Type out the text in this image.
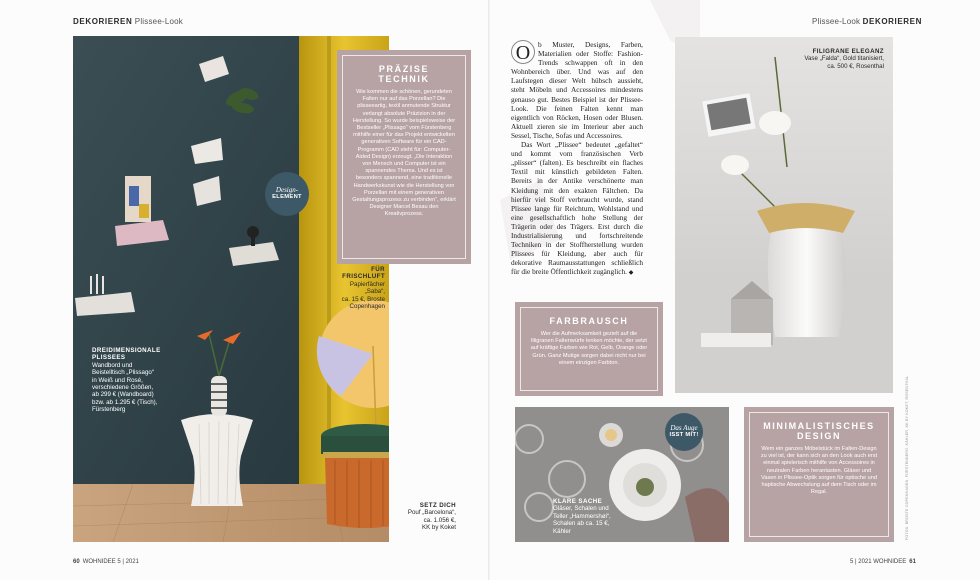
DEKORIEREN Plissee-Look
PRÄZISE TECHNIK

Wie kommen die schönen, gerundeten Falten nur auf das Porzellan? Die plisseeartig, textil anmutende Struktur verlangt absolute Präzision in der Herstellung. So wurde beispielsweise der Bestseller „Plissago“ vom Fürstenberg mithilfe einer für das Projekt entwickelten generativen Software für ein CAD-Programm (CAD steht für: Computer-Aided Design) erzeugt. „Die Interaktion von Mensch und Computer ist ein spannendes Thema. Und es ist besonders spannend, eine traditionelle Handwerkskunst wie die Herstellung von Porzellan mit einem generativen Gestaltungsprozess zu verbinden“, erklärt Designer Marcel Besau den Kreativprozess.

Design-
ELEMENT
FÜR
FRISCHLUFT
Papierfächer „Saba“,
ca. 15 €, Broste
Copenhagen
DREIDIMENSIONALE
PLISSEES
Wandbord und
Beistelltisch „Plissago“
in Weiß und Rosé,
verschiedene Größen,
ab 299 € (Wandboard)
bzw. ab 1.295 € (Tisch),
Fürstenberg
SETZ DICH
Pouf „Barcelona“,
ca. 1.056 €,
KK by Koket
60 WOHNIDEE 5 | 2021
Plissee-Look DEKORIEREN

O	b Muster, Designs, Farben, Materialien oder Stoffe: Fashion-Trends schwappen oft in den Wohnbereich über. Und was auf den Laufstegen dieser Welt hübsch aussieht, steht Möbeln und Accessoires mindestens genauso gut. Bestes Beispiel ist der Plissee-Look. Die feinen Falten kennt man eigentlich von Röcken, Hosen oder Blusen. Aktuell zieren sie im Interieur aber auch Sessel, Tische, Sofas und Accessoires.

Das Wort „Plissee“ bedeutet „gefaltet“ und kommt vom französischen Verb „plisser“ (falten). Es beschreibt ein flaches Textil mit künstlich gebildeten Falten. Bereits in der Antike verschönerte man Kleidung mit den exakten Fältchen. Da hierfür viel Stoff verbraucht wurde, stand Plissee lange für Reichtum, Wohlstand und eine gesellschaftlich hohe Stellung der Trägerin oder des Trägers. Erst durch die Industrialisierung und fortschreitende Techniken in der Stoffherstellung wurden Plissees für Kleidung, aber auch für dekorative Raumausstattungen schließlich für die breite Öffentlichkeit zugänglich. ◆

FILIGRANE ELEGANZ
Vase „Falda“, Gold titanisiert,
ca. 500 €, Rosenthal
FARBRAUSCH

Wer die Aufmerksamkeit gezielt auf die filigranen Faltenwürfe lenken möchte, der setzt auf kräftige Farben wie Rot, Gelb, Orange oder Grün. Ganz Mutige sorgen dabei nicht nur bei einem einzigen Farbton.

Das Auge
ISST MIT!
KLARE SACHE
Gläser, Schalen und
Teller „Hammershøi“,
Schalen ab ca. 15 €,
Kähler
MINIMALISTISCHES DESIGN

Wem ein ganzes Möbelstück im Falten-Design zu viel ist, der kann sich an den Look auch erst einmal spielerisch mithilfe von Accessoires in neutralen Farben herantasten. Gläser und Vasen in Plissee-Optik sorgen für optische und haptische Abwechslung auf dem Tisch oder im Regal.	FOTOS: BROSTE COPENHAGEN, FÜRSTENBERG, KÄHLER, KK BY KOKET, ROSENTHAL
5 | 2021 WOHNIDEE 61
